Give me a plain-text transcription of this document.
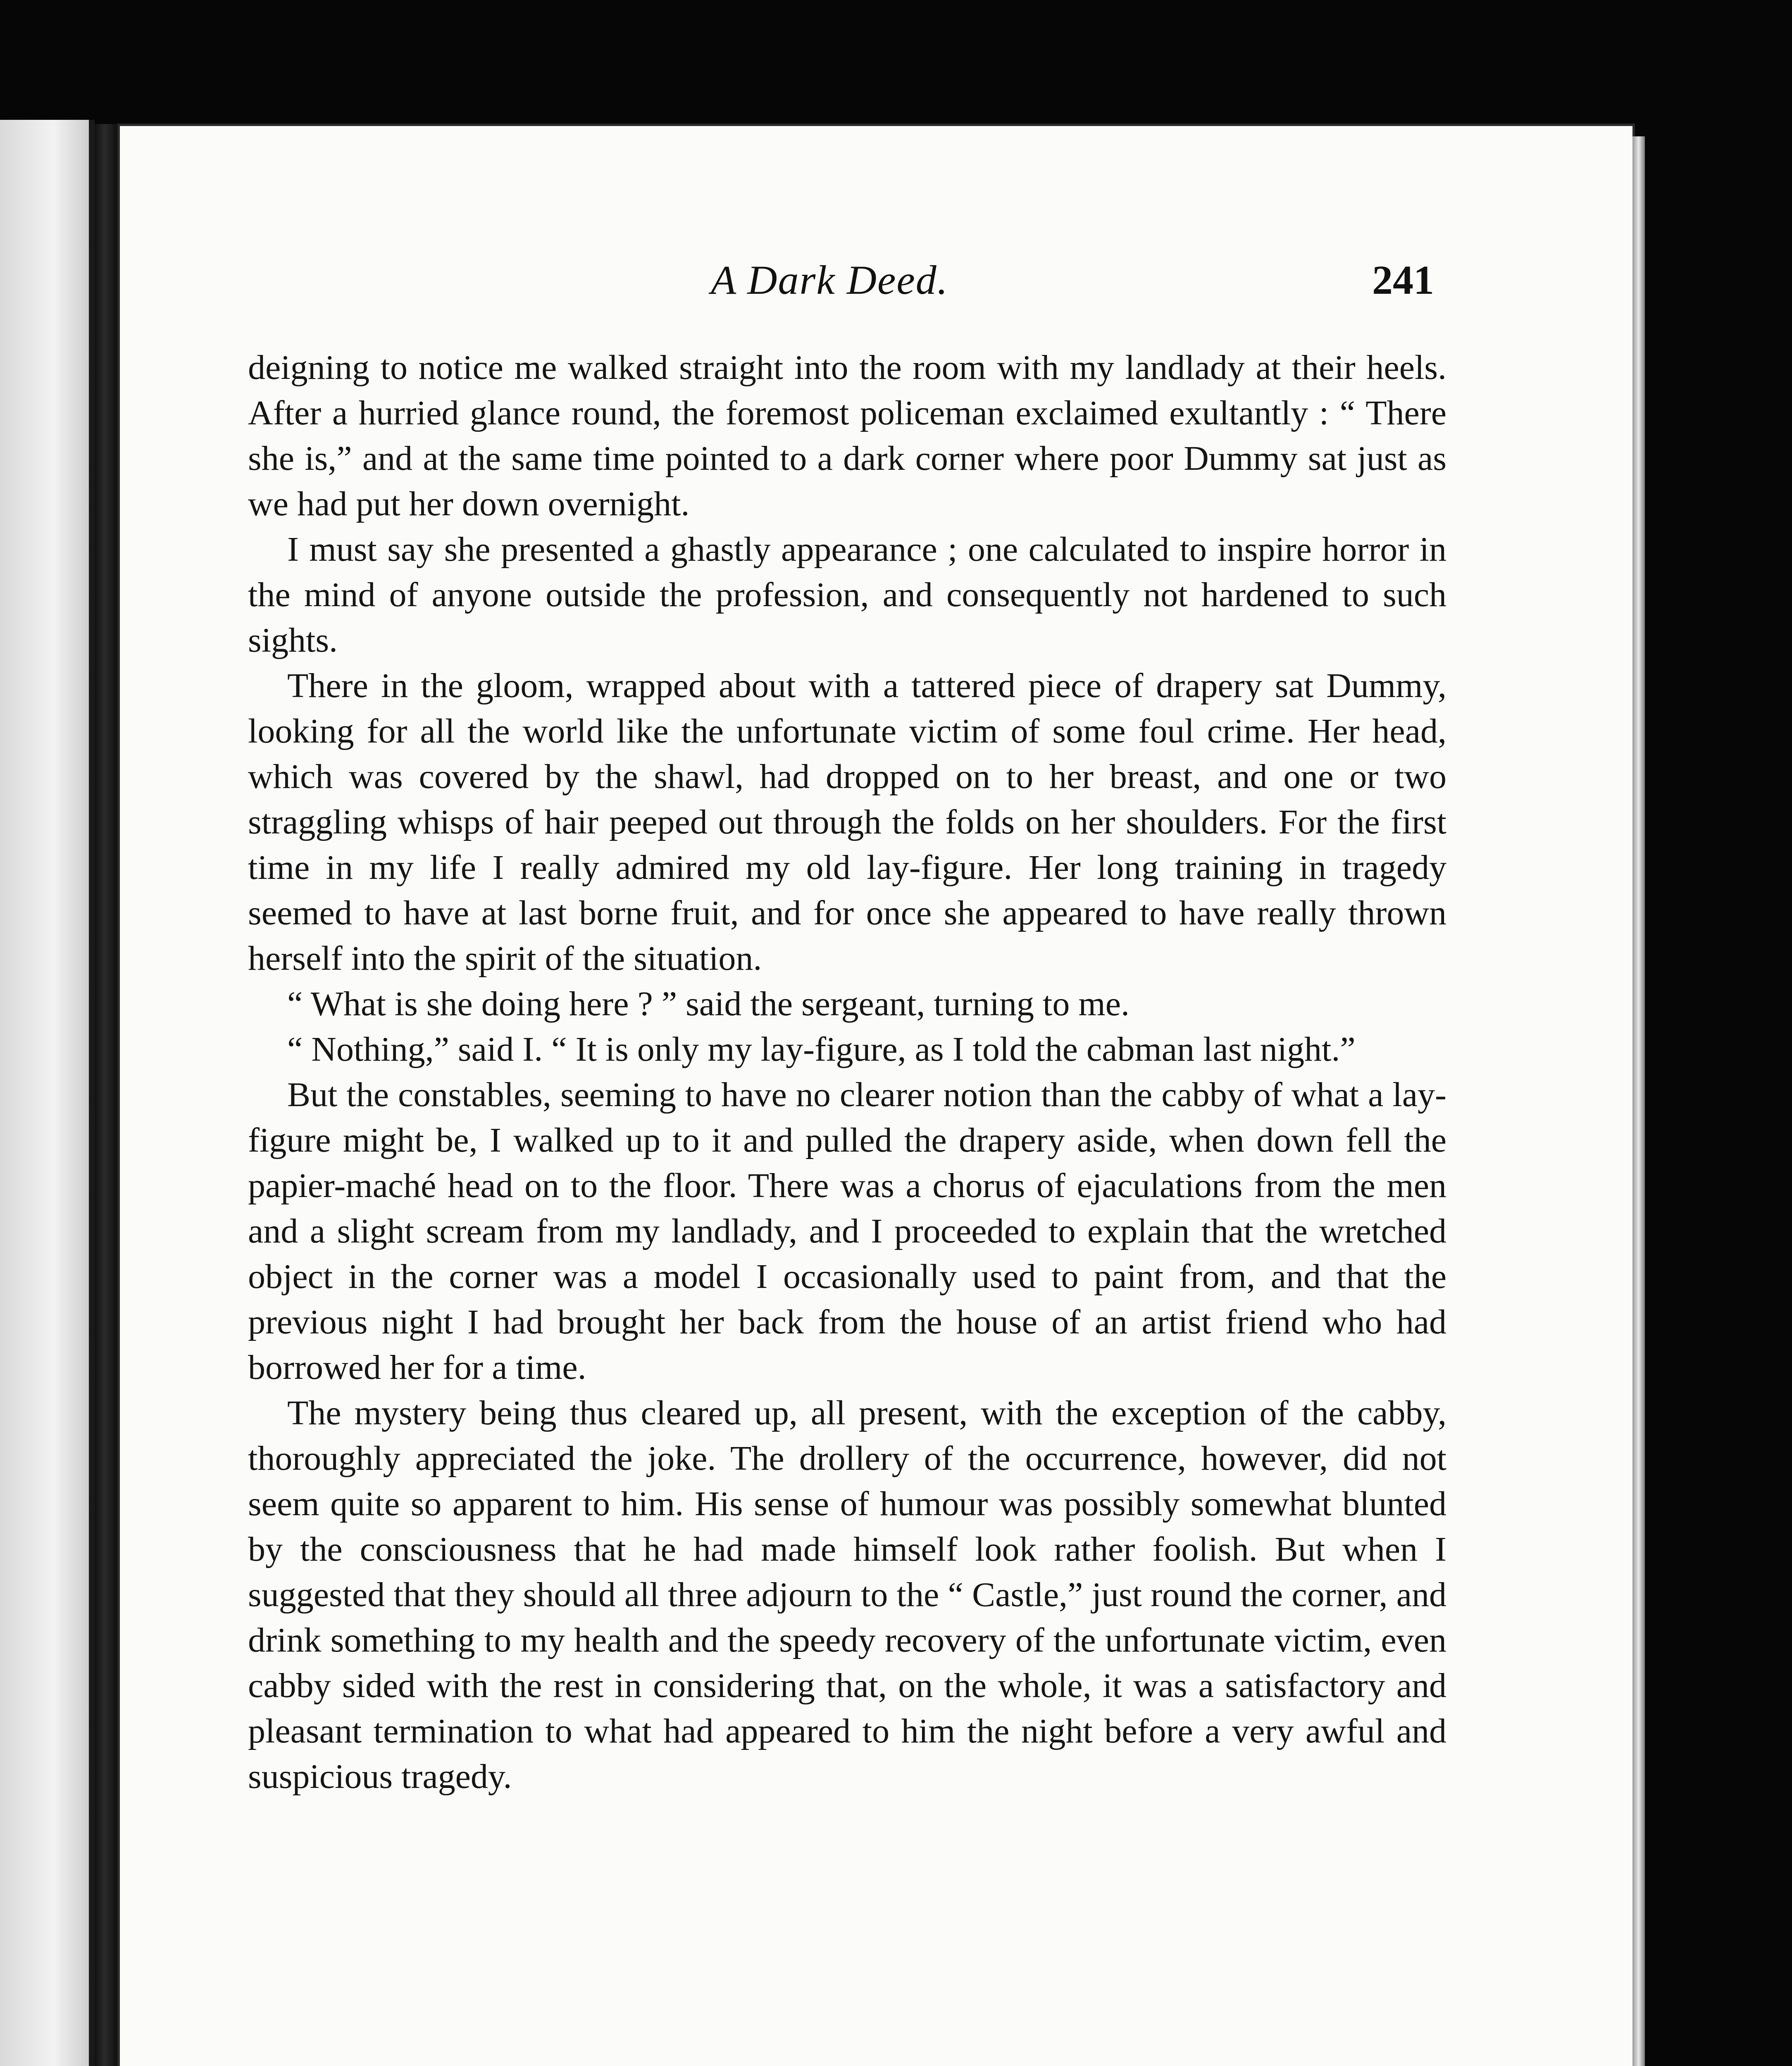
A Dark Deed.	241

deigning to notice me walked straight into the room with my landlady at their heels. After a hurried glance round, the foremost policeman exclaimed exultantly : “ There she is,” and at the same time pointed to a dark corner where poor Dummy sat just as we had put her down overnight.

I must say she presented a ghastly appearance ; one calculated to inspire horror in the mind of anyone outside the profession, and consequently not hardened to such sights.

There in the gloom, wrapped about with a tattered piece of drapery sat Dummy, looking for all the world like the unfortunate victim of some foul crime. Her head, which was covered by the shawl, had dropped on to her breast, and one or two straggling whisps of hair peeped out through the folds on her shoulders. For the first time in my life I really admired my old lay-figure. Her long training in tragedy seemed to have at last borne fruit, and for once she appeared to have really thrown herself into the spirit of the situation.

“ What is she doing here ? ” said the sergeant, turning to me.

“ Nothing,” said I. “ It is only my lay-figure, as I told the cabman last night.”

But the constables, seeming to have no clearer notion than the cabby of what a lay-figure might be, I walked up to it and pulled the drapery aside, when down fell the papier-maché head on to the floor. There was a chorus of ejaculations from the men and a slight scream from my landlady, and I proceeded to explain that the wretched object in the corner was a model I occasionally used to paint from, and that the previous night I had brought her back from the house of an artist friend who had borrowed her for a time.

The mystery being thus cleared up, all present, with the exception of the cabby, thoroughly appreciated the joke. The drollery of the occurrence, however, did not seem quite so apparent to him. His sense of humour was possibly somewhat blunted by the consciousness that he had made himself look rather foolish. But when I suggested that they should all three adjourn to the “ Castle,” just round the corner, and drink something to my health and the speedy recovery of the unfortunate victim, even cabby sided with the rest in considering that, on the whole, it was a satisfactory and pleasant termination to what had appeared to him the night before a very awful and suspicious tragedy.
